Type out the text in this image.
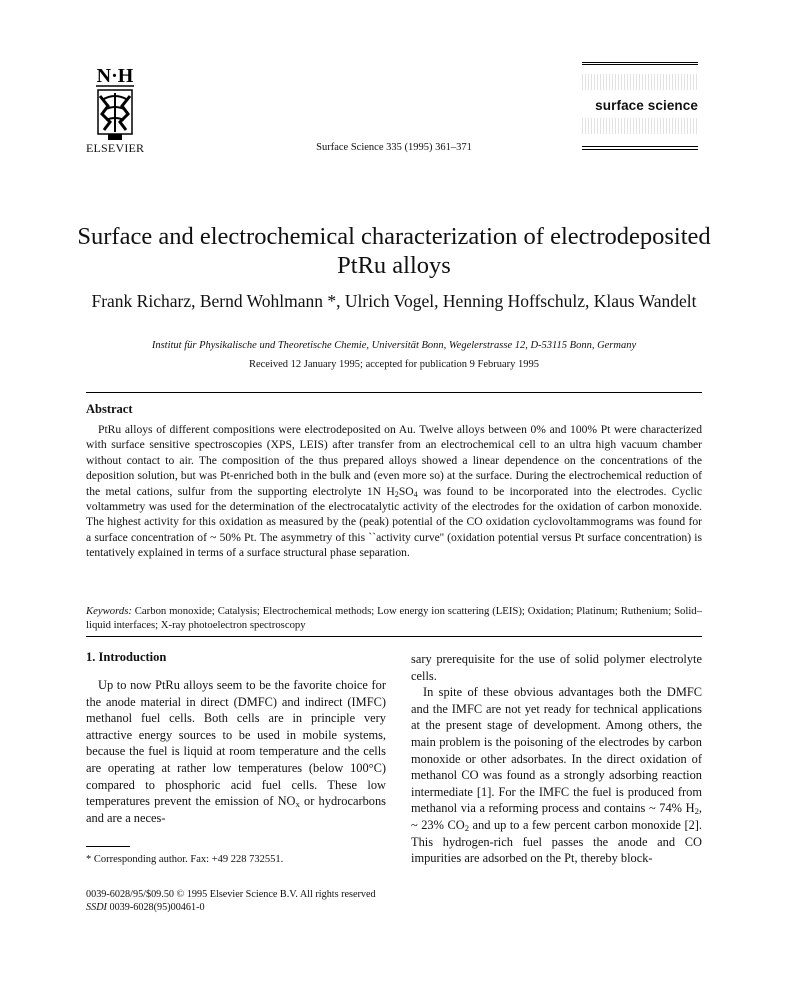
N·H
ELSEVIER	Surface Science 335 (1995) 361–371
surface science
Surface and electrochemical characterization of electrodeposited PtRu alloys
Frank Richarz, Bernd Wohlmann *, Ulrich Vogel, Henning Hoffschulz, Klaus Wandelt
Institut für Physikalische und Theoretische Chemie, Universität Bonn, Wegelerstrasse 12, D-53115 Bonn, Germany
Received 12 January 1995; accepted for publication 9 February 1995
Abstract
PtRu alloys of different compositions were electrodeposited on Au. Twelve alloys between 0% and 100% Pt were characterized with surface sensitive spectroscopies (XPS, LEIS) after transfer from an electrochemical cell to an ultra high vacuum chamber without contact to air. The composition of the thus prepared alloys showed a linear dependence on the concentrations of the deposition solution, but was Pt-enriched both in the bulk and (even more so) at the surface. During the electrochemical reduction of the metal cations, sulfur from the supporting electrolyte 1N $H_2SO_4$ was found to be incorporated into the electrodes. Cyclic voltammetry was used for the determination of the electrocatalytic activity of the electrodes for the oxidation of carbon monoxide. The highest activity for this oxidation as measured by the (peak) potential of the CO oxidation cyclovoltammograms was found for a surface concentration of ~ 50% Pt. The asymmetry of this ``activity curve'' (oxidation potential versus Pt surface concentration) is tentatively explained in terms of a surface structural phase separation.
Keywords: Carbon monoxide; Catalysis; Electrochemical methods; Low energy ion scattering (LEIS); Oxidation; Platinum; Ruthenium; Solid–liquid interfaces; X-ray photoelectron spectroscopy
1. Introduction
Up to now PtRu alloys seem to be the favorite choice for the anode material in direct (DMFC) and indirect (IMFC) methanol fuel cells. Both cells are in principle very attractive energy sources to be used in mobile systems, because the fuel is liquid at room temperature and the cells are operating at rather low temperatures (below 100°C) compared to phosphoric acid fuel cells. These low temperatures prevent the emission of $NO_x$ or hydrocarbons and are a neces-
sary prerequisite for the use of solid polymer electrolyte cells.
In spite of these obvious advantages both the DMFC and the IMFC are not yet ready for technical applications at the present stage of development. Among others, the main problem is the poisoning of the electrodes by carbon monoxide or other adsorbates. In the direct oxidation of methanol CO was found as a strongly adsorbing reaction intermediate [1]. For the IMFC the fuel is produced from methanol via a reforming process and contains ~ 74% $H_2$, ~ 23% $CO_2$ and up to a few percent carbon monoxide [2]. This hydrogen-rich fuel passes the anode and CO impurities are adsorbed on the Pt, thereby block-
* Corresponding author. Fax: +49 228 732551.
0039-6028/95/$09.50 © 1995 Elsevier Science B.V. All rights reserved
SSDI 0039-6028(95)00461-0
